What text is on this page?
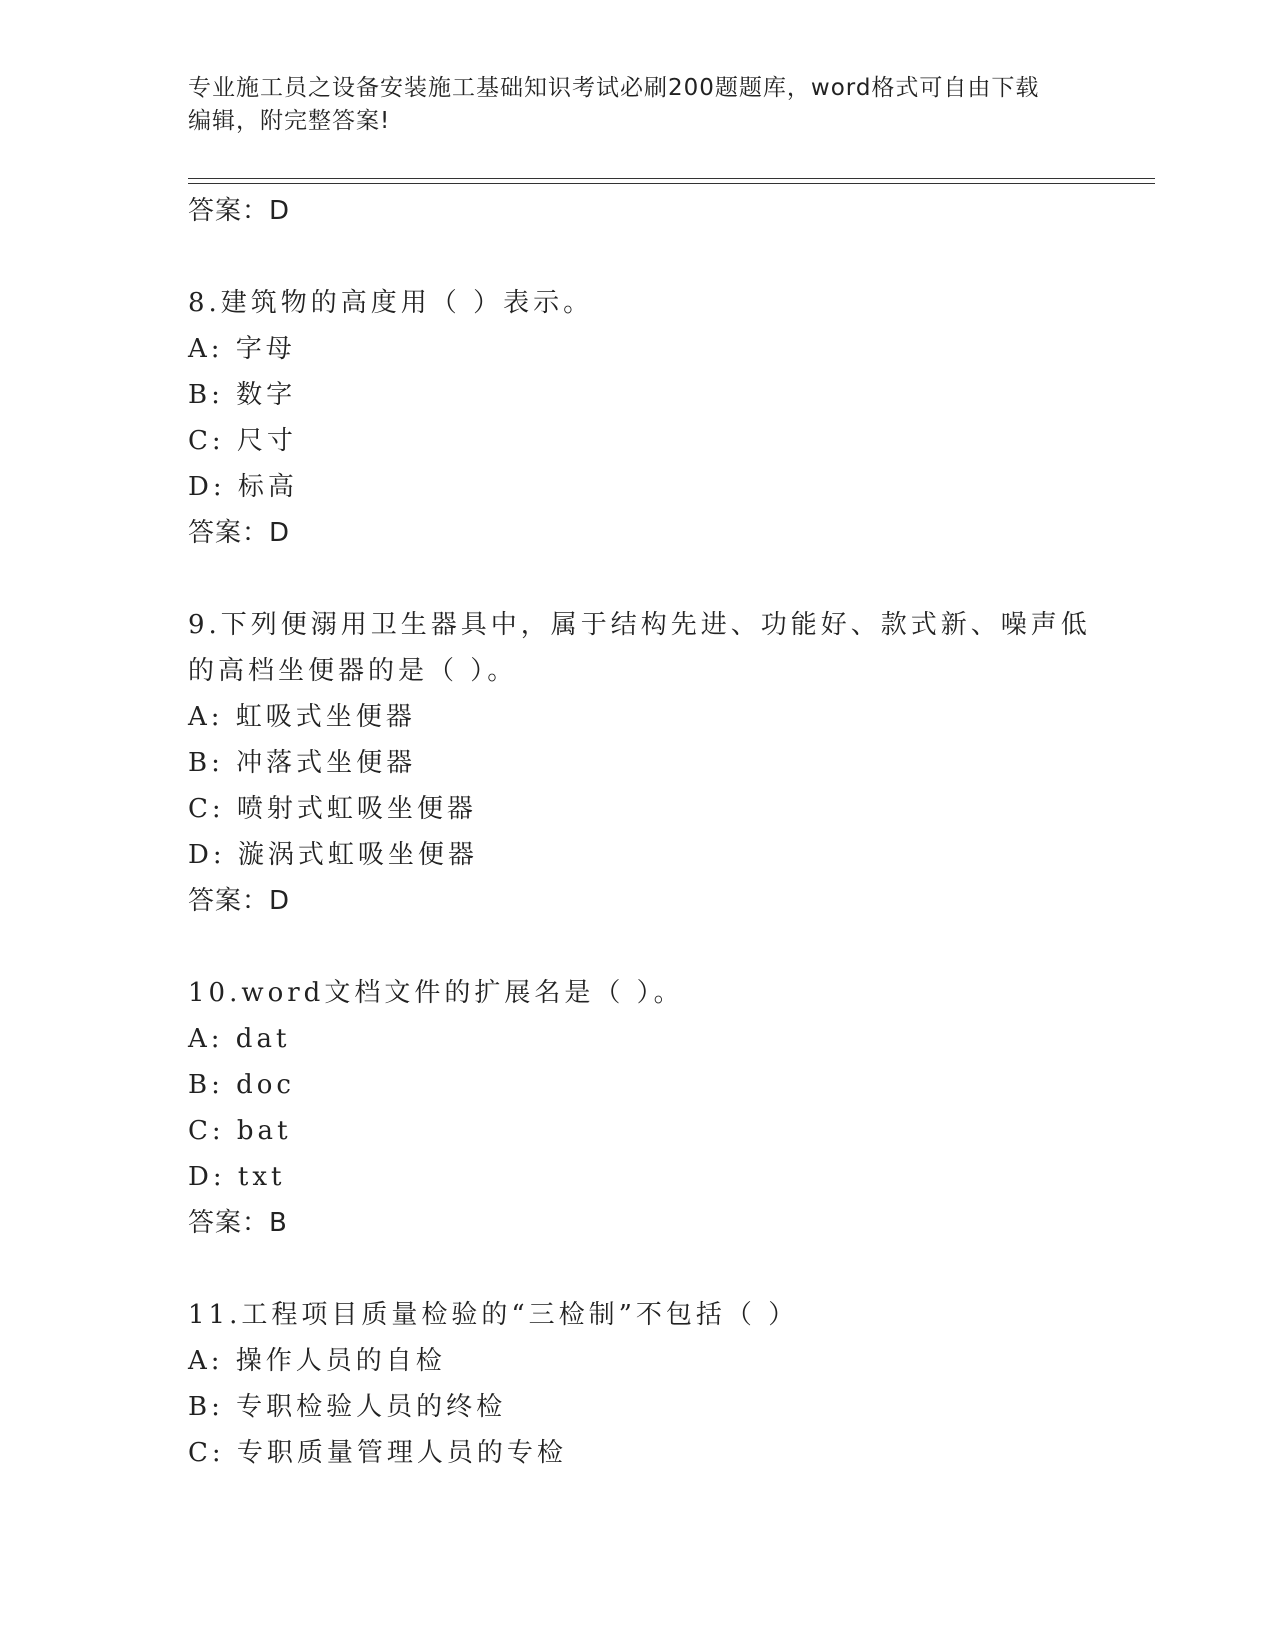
专业施工员之设备安装施工基础知识考试必刷200题题库，word格式可自由下载
编辑，附完整答案!
答案：D
8.建筑物的高度用（ ）表示。
A: 字母
B: 数字
C: 尺寸
D: 标高
答案：D
9.下列便溺用卫生器具中，属于结构先进、功能好、款式新、噪声低
的高档坐便器的是（ ）。
A: 虹吸式坐便器
B: 冲落式坐便器
C: 喷射式虹吸坐便器
D: 漩涡式虹吸坐便器
答案：D
10.word文档文件的扩展名是（ ）。
A: dat
B: doc
C: bat
D: txt
答案：B
11.工程项目质量检验的“三检制”不包括（ ）
A: 操作人员的自检
B: 专职检验人员的终检
C: 专职质量管理人员的专检
